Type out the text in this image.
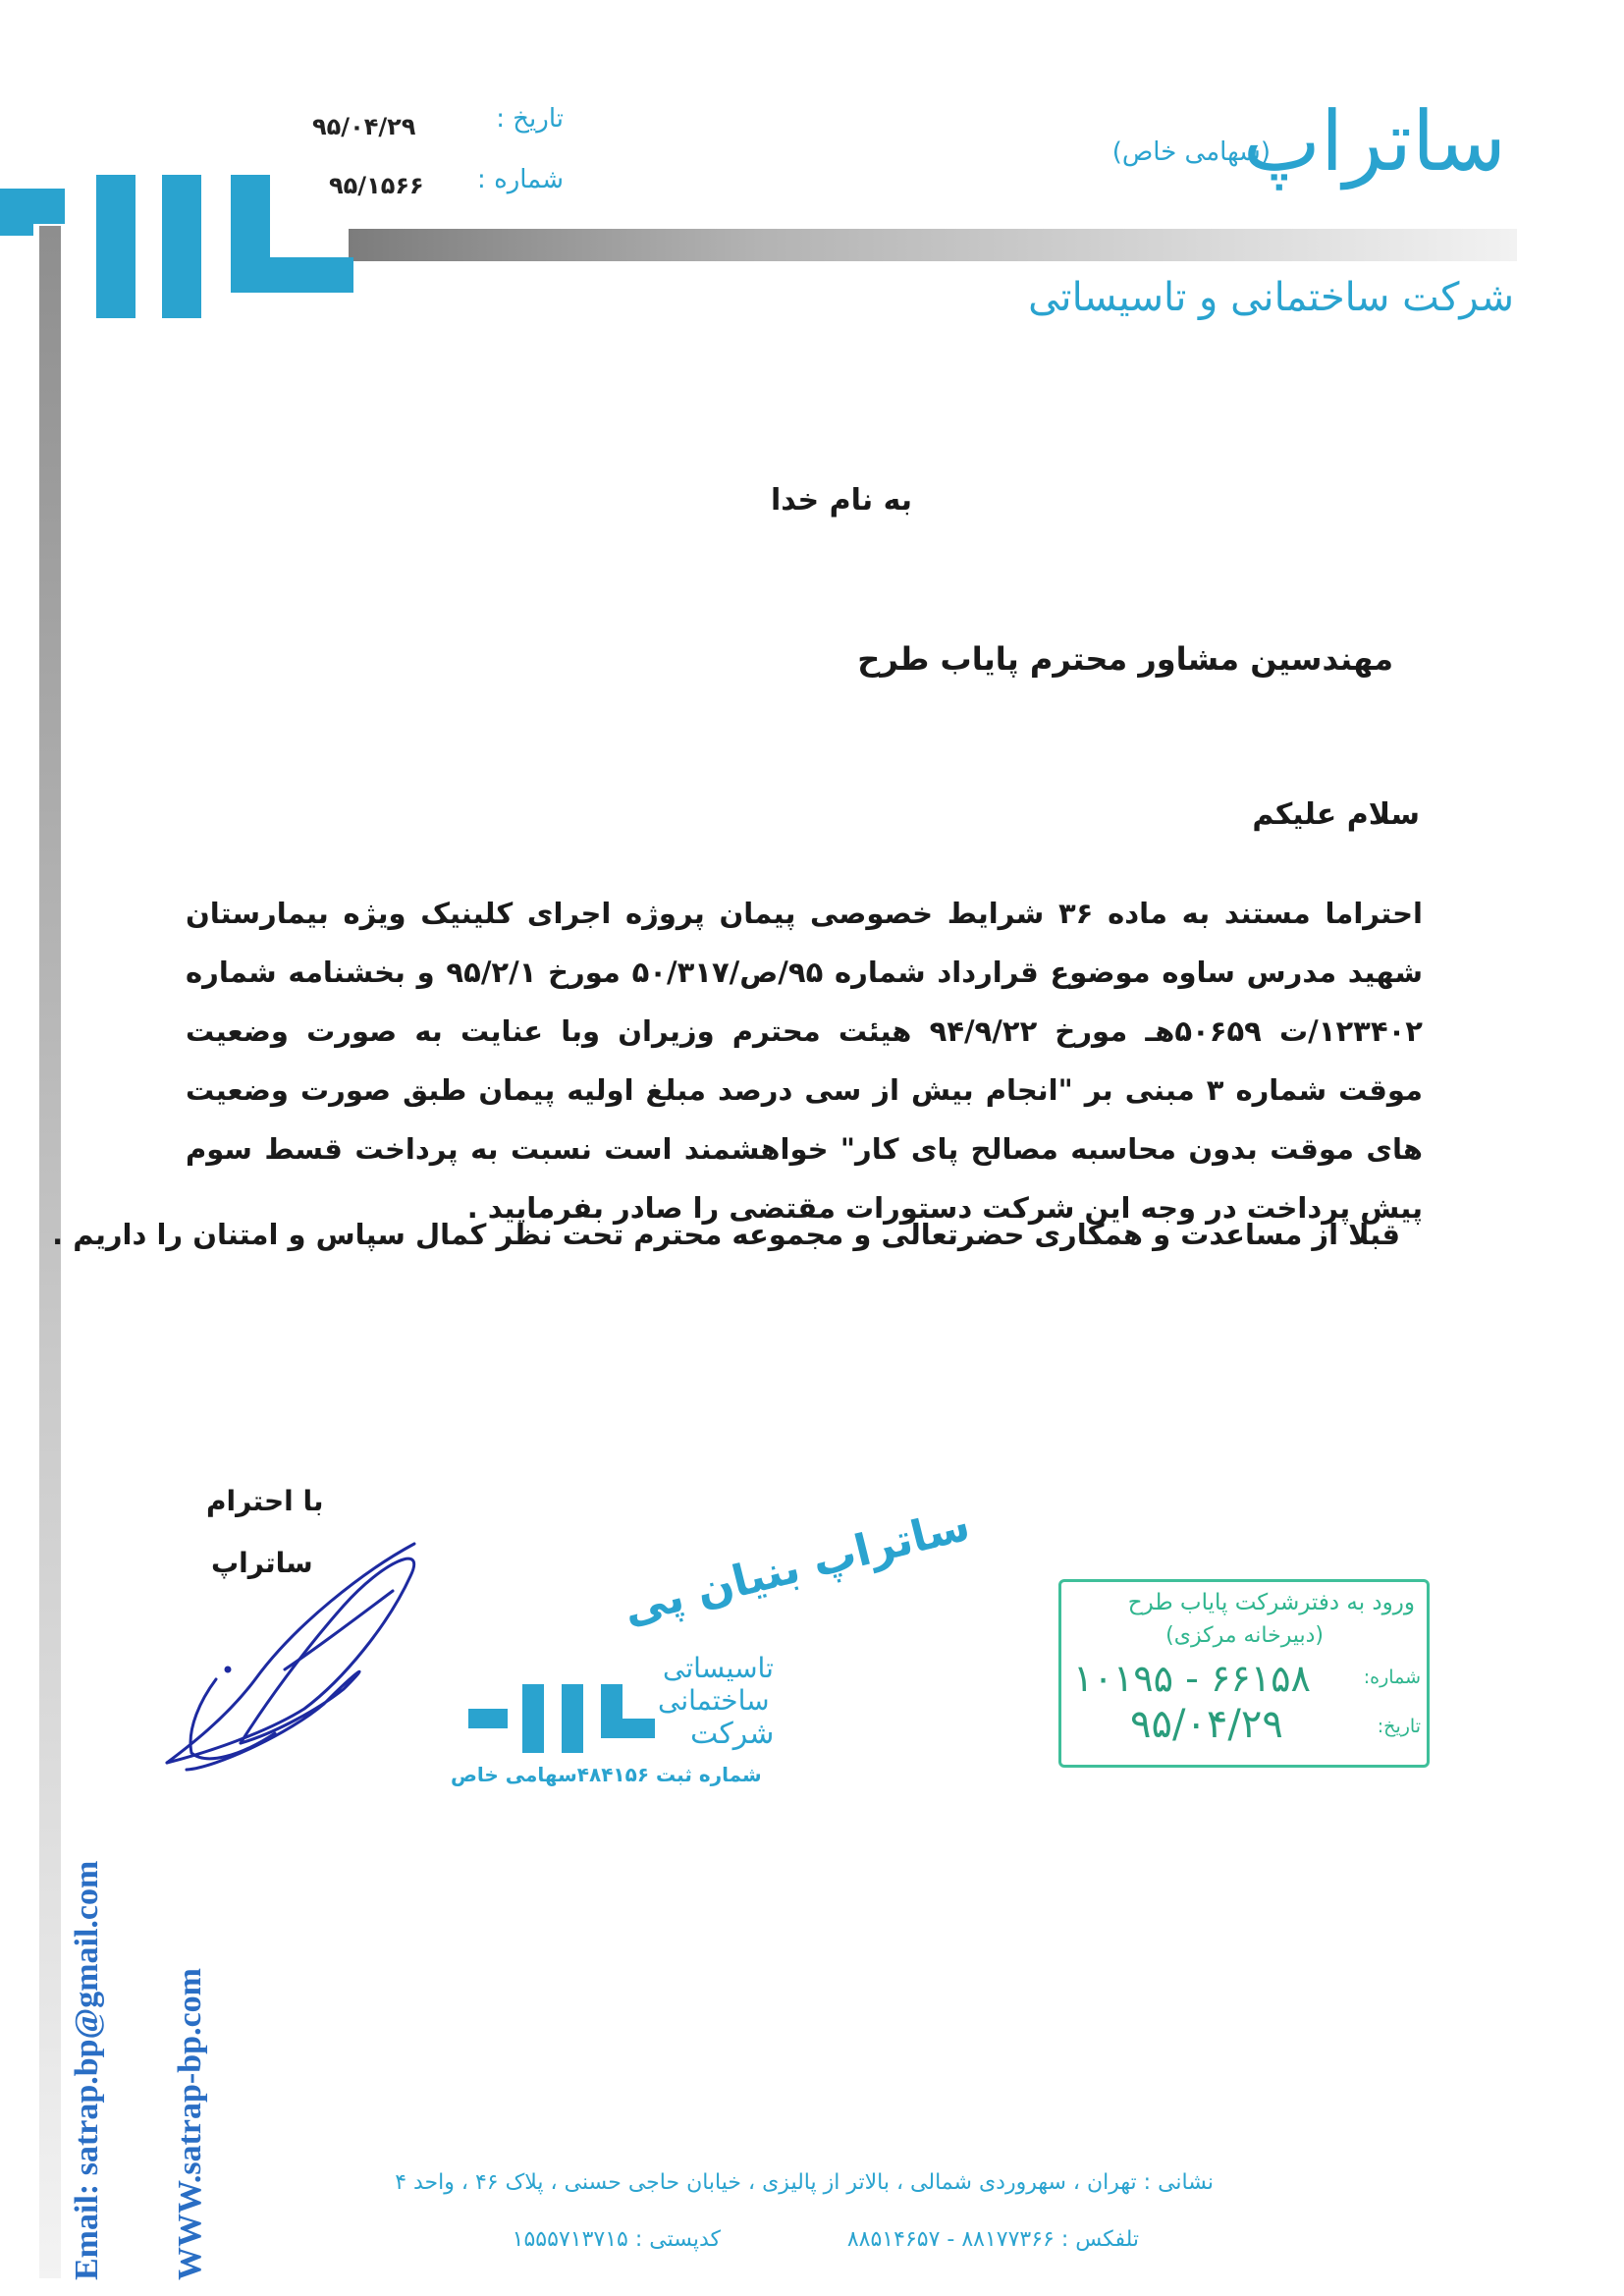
ساتراپ
(سهامی خاص)
شرکت ساختمانی و تاسیساتی
تاریخ :
۹۵/۰۴/۲۹
شماره :
۹۵/۱۵۶۶
به نام خدا
مهندسین مشاور محترم پایاب طرح
سلام علیکم
احتراما مستند به ماده ۳۶ شرایط خصوصی پیمان پروژه اجرای کلینیک ویژه بیمارستان شهید مدرس ساوه موضوع قرارداد شماره ۹۵/ص/۵۰/۳۱۷ مورخ ۹۵/۲/۱ و بخشنامه شماره ۱۲۳۴۰۲/ت ۵۰۶۵۹هـ مورخ ۹۴/۹/۲۲ هیئت محترم وزیران وبا عنایت به صورت وضعیت موقت شماره ۳ مبنی بر "انجام بیش از سی درصد مبلغ اولیه پیمان طبق صورت وضعیت های موقت بدون محاسبه مصالح پای کار" خواهشمند است نسبت به پرداخت قسط سوم پیش پرداخت در وجه این شرکت دستورات مقتضی را صادر بفرمایید .
قبلا از مساعدت و همکاری حضرتعالی و مجموعه محترم تحت نظر کمال سپاس و امتنان را داریم .
با احترام
ساتراپ	ساتراپ بنیان پی
تاسیساتی
ساختمانی
شرکت
شماره ثبت ۴۸۴۱۵۶سهامی خاص
ورود به دفترشرکت پایاب طرح
(دبیرخانه مرکزی)
شماره:
۱۰۱۹۵ - ۶۶۱۵۸
تاریخ:
۹۵/۰۴/۲۹
Email: satrap.bp@gmail.com WWW.satrap-bp.com	نشانی : تهران ، سهروردی شمالی ، بالاتر از پالیزی ، خیابان حاجی حسنی ، پلاک ۴۶ ، واحد ۴
تلفکس : ۸۸۱۷۷۳۶۶ - ۸۸۵۱۴۶۵۷
کدپستی : ۱۵۵۵۷۱۳۷۱۵
